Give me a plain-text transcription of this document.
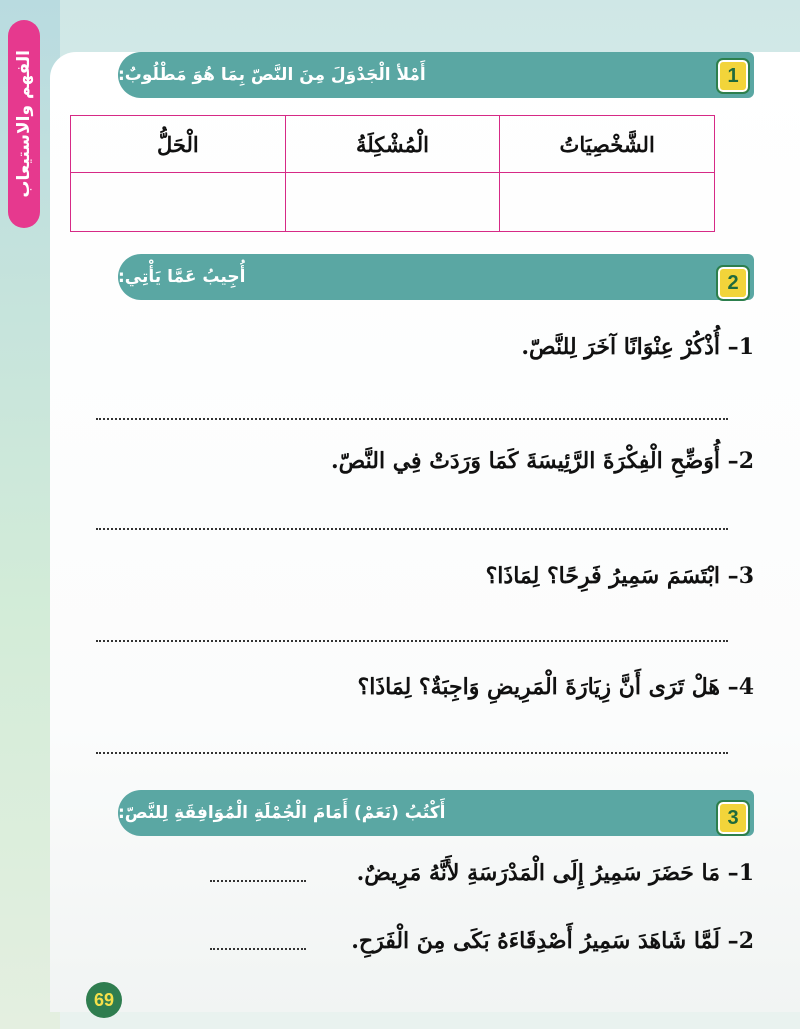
الفهم والاستيعاب	أَمْلأ الْجَدْوَلَ مِنَ النَّصّ بِمَا هُوَ مَطْلُوبٌ:	1
الشَّخْصِيَاتُ	الْمُشْكِلَةُ	الْحَلُّ

أُجِيبُ عَمَّا يَأْتِي:	2
1– أُذْكُرْ عِنْوَانًا آخَرَ لِلنَّصّ.
2– أُوَضِّحِ الْفِكْرَةَ الرَّئِيسَةَ كَمَا وَرَدَتْ فِي النَّصّ.
3– ابْتَسَمَ سَمِيرُ فَرِحًا؟ لِمَاذَا؟
4– هَلْ تَرَى أَنَّ زِيَارَةَ الْمَرِيضِ وَاجِبَةٌ؟ لِمَاذَا؟
أَكْتُبُ (نَعَمْ) أَمَامَ الْجُمْلَةِ الْمُوَافِقَةِ لِلنَّصّ:	3
1– مَا حَضَرَ سَمِيرُ إِلَى الْمَدْرَسَةِ لأَنَّهُ مَرِيضٌ.
2– لَمَّا شَاهَدَ سَمِيرُ أَصْدِقَاءَهُ بَكَى مِنَ الْفَرَحِ.
69
